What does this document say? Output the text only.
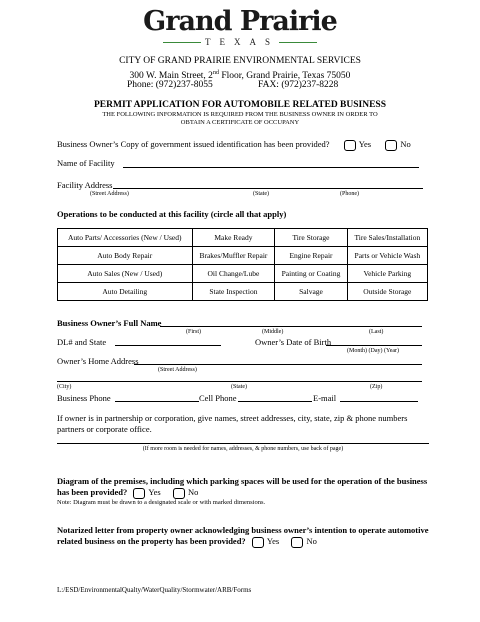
Grand Prairie
TEXAS
CITY OF GRAND PRAIRIE ENVIRONMENTAL SERVICES
300 W. Main Street, 2nd Floor, Grand Prairie, Texas 75050
Phone: (972)237-8055	FAX: (972)237-8228
PERMIT APPLICATION FOR AUTOMOBILE RELATED BUSINESS
THE FOLLOWING INFORMATION IS REQUIRED FROM THE BUSINESS OWNER IN ORDER TO OBTAIN A CERTIFICATE OF OCCUPANY
Business Owner’s Copy of government issued identification has been provided?	Yes	No
Name of Facility
Facility Address
(Street Address)	(State)	(Phone)
Operations to be conducted at this facility (circle all that apply)
Auto Parts/ Accessories (New / Used)	Make Ready	Tire Storage	Tire Sales/Installation
Auto Body Repair	Brakes/Muffler Repair	Engine Repair	Parts or Vehicle Wash
Auto Sales (New / Used)	Oil Change/Lube	Painting or Coating	Vehicle Parking
Auto Detailing	State Inspection	Salvage	Outside Storage
Business Owner’s Full Name
(First)	(Middle)	(Last)
DL# and State	Owner’s Date of Birth
(Month) (Day) (Year)
Owner’s Home Address
(Street Address)
(City)	(State)	(Zip)
Business Phone	Cell Phone	E-mail
If owner is in partnership or corporation, give names, street addresses, city, state, zip & phone numbers partners or corporate office.
(If more room is needed for names, addresses, & phone numbers, use back of page)
Diagram of the premises, including which parking spaces will be used for the operation of the business has been provided? Yes	No
Note: Diagram must be drawn to a designated scale or with marked dimensions.
Notarized letter from property owner acknowledging business owner’s intention to operate automotive related business on the property has been provided? Yes	No
L:/ESD/EnvironmentalQualty/WaterQuality/Stormwater/ARB/Forms
